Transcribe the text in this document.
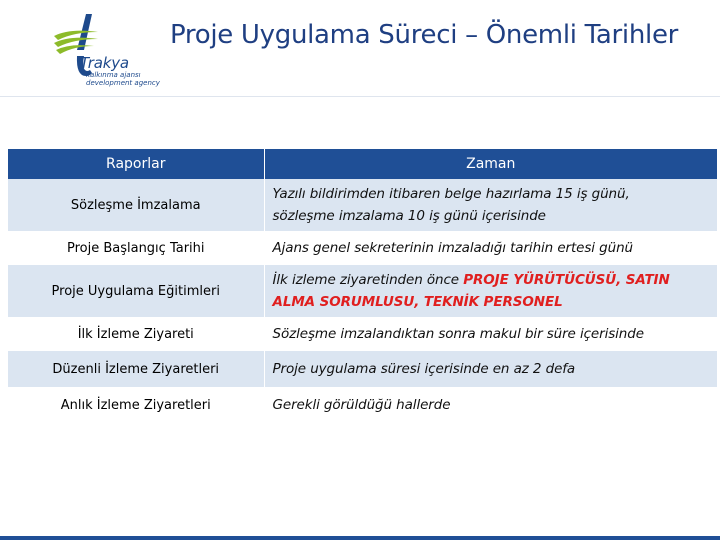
Trakya
kalkınma ajansı
development agency
Proje Uygulama Süreci – Önemli Tarihler
Raporlar	Zaman
Sözleşme İmzalama	Yazılı bildirimden itibaren belge hazırlama 15 iş günü,
sözleşme imzalama 10 iş günü içerisinde
Proje Başlangıç Tarihi	Ajans genel sekreterinin imzaladığı tarihin ertesi günü
Proje Uygulama Eğitimleri	İlk izleme ziyaretinden önce PROJE YÜRÜTÜCÜSÜ, SATIN
ALMA SORUMLUSU, TEKNİK PERSONEL
İlk İzleme Ziyareti	Sözleşme imzalandıktan sonra makul bir süre içerisinde
Düzenli İzleme Ziyaretleri	Proje uygulama süresi içerisinde en az 2 defa
Anlık İzleme Ziyaretleri	Gerekli görüldüğü hallerde
